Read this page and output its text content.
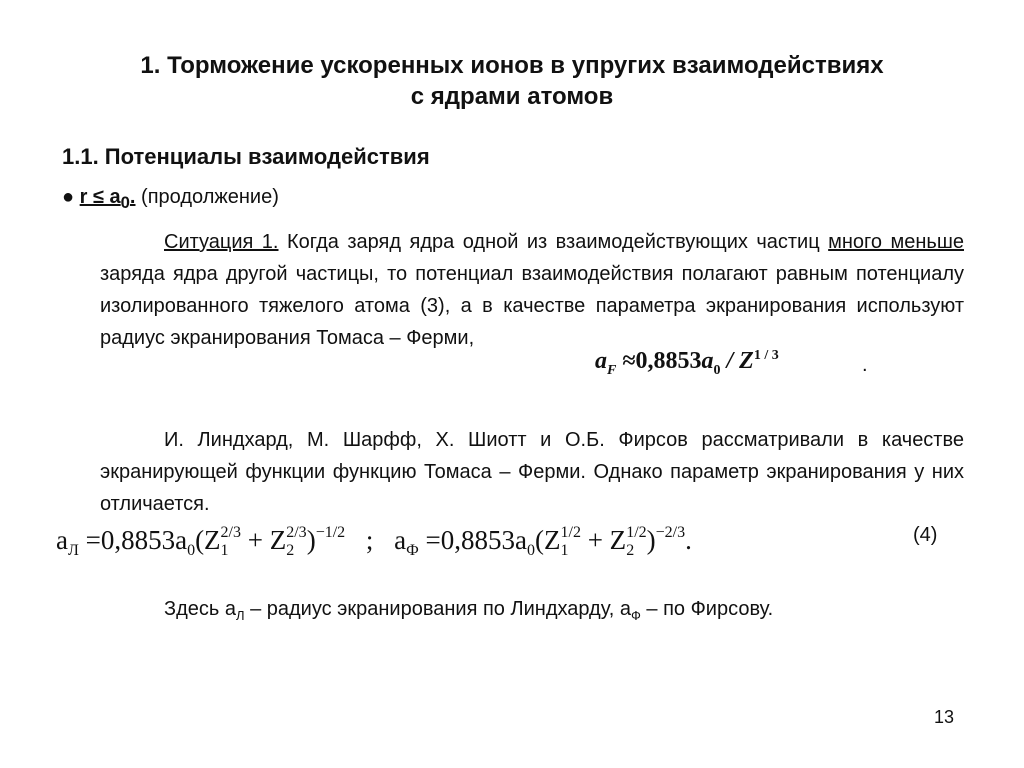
1. Торможение ускоренных ионов в упругих взаимодействиях
с ядрами атомов
1.1. Потенциалы взаимодействия
● $r \le a_0$. (продолжение)
Ситуация 1. Когда заряд ядра одной из взаимодействующих частиц много меньше заряда ядра другой частицы, то потенциал взаимодействия полагают равным потенциалу изолированного тяжелого атома (3), а в качестве параметра экранирования используют радиус экранирования Томаса – Ферми,
$a_F \approx 0,8853a_0 / Z^{1 / 3}$	.
И. Линдхард, М. Шарфф, Х. Шиотт и О.Б. Фирсов рассматривали в качестве экранирующей функции функцию Томаса – Ферми. Однако параметр экранирования у них отличается.
$a_Л =0,8853a_0(Z_1^{2/3} + Z_2^{2/3})^{-1/2}$ ; $a_Ф =0,8853a_0(Z_1^{1/2} + Z_2^{1/2})^{-2/3}$.	(4)
Здесь $a_Л$ – радиус экранирования по Линдхарду, $a_Ф$ – по Фирсову.
13
